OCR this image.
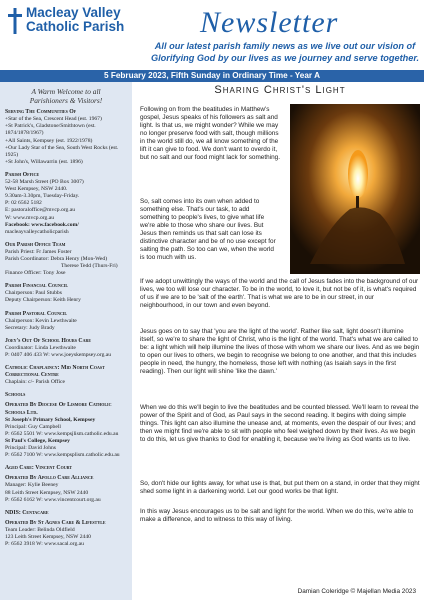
Macleay Valley
Catholic Parish	Newsletter
All our latest parish family news as we live out our vision of Glorifying God by our lives as we journey and serve together.
5 February 2023, Fifth Sunday in Ordinary Time - Year A
A Warm Welcome to all
Parishioners & Visitors!
Serving The Communities Of
+Star of the Sea, Crescent Head (est. 1967)
+St Patrick's, Gladstone/Smithtown (est. 1874/1878/1967)
+All Saints, Kempsey (est. 1922/1978)
+Our Lady Star of the Sea, South West Rocks (est. 1925)
+St John's, Willawarrin (est. 1896)
Parish Office
52-58 Marsh Street (PO Box 3007)
West Kempsey, NSW 2440.
9.30am-3.30pm, Tuesday-Friday.
P: 02 6562 5182
E: pastoraloffice@mvcp.org.au
W: www.mvcp.org.au
Facebook: www.facebook.com/
macleayvalleycatholicparish
Our Parish Office Team
Parish Priest: Fr James Foster
Parish Coordinator: Debra Henry (Mon-Wed)
Therese Tedd (Thurs-Fri)
Finance Officer: Tony Jose
Parish Financial Council
Chairperson: Paul Stubbs
Deputy Chairperson: Keith Henry
Parish Pastoral Council
Chairperson: Kevin Lewthwaite
Secretary: Judy Brady
Joey's Out Of School Hours Care
Coordinator: Linda Lewthwaite
P: 0407 406 433 W: www.joeyskempsey.org.au
Catholic Chaplaincy: Mid North Coast Correctional Centre
Chaplain: c/- Parish Office
Schools
Operated By Diocese Of Lismore Catholic Schools Ltd.
St Joseph's Primary School, Kempsey
Principal: Guy Campbell
P: 6562 5501 W: www.kempsjlism.catholic.edu.au
St Paul's College, Kempsey
Principal: David Johns
P: 6562 7100 W: www.kempsplism.catholic.edu.au
Aged Care: Vincent Court
Operated By Apollo Care Alliance
Manager: Kylie Beeney
88 Leith Street Kempsey, NSW 2440
P: 6562 6162 W: www.vincentcourt.org.au
NDIS: Centacare
Operated By St Agnes Care & Lifestyle
Team Leader: Belinda Oldfield
123 Leith Street Kempsey, NSW 2440
P: 6562 3918 W: www.sacal.org.au
Sharing Christ's Light
Following on from the beatitudes in Matthew's gospel, Jesus speaks of his followers as salt and light. Is that us, we might wonder? While we may no longer preserve food with salt, though millions in the world still do, we all know something of the lift it can give to food. We don't want to overdo it, but no salt and our food might lack for something.
So, salt comes into its own when added to something else. That's our task, to add something to people's lives, to give what life we're able to those who share our lives. But Jesus then reminds us that salt can lose its distinctive character and be of no use except for salting the path. So too can we, when the world is too much with us.
If we adopt unwittingly the ways of the world and the call of Jesus fades into the background of our lives, we too will lose our character. To be in the world, to love it, but not be of it, is what's required of us if we are to be 'salt of the earth'. That is what we are to be in our street, in our neighbourhood, in our town and even beyond.
Jesus goes on to say that 'you are the light of the world'. Rather like salt, light doesn't illumine itself, so we're to share the light of Christ, who is the light of the world. That's what we are called to be: a light which will help illumine the lives of those with whom we share our lives. And as we begin to open our lives to others, we begin to recognise we belong to one another, and that this includes people in need, the hungry, the homeless, those left with nothing (as Isaiah says in the first reading). Then our light will shine 'like the dawn.'
When we do this we'll begin to live the beatitudes and be counted blessed. We'll learn to reveal the power of the Spirit and of God, as Paul says in the second reading. It begins with doing simple things. This light can also illumine the unease and, at moments, even the despair of our lives; and then we might find we're able to sit with people who feel weighed down by their lives. As we begin to do this, let us give thanks to God for enabling it, because we're living as God wants us to live.
So, don't hide our lights away, for what use is that, but put them on a stand, in order that they might shed some light in a darkening world. Let our good works be that light.
In this way Jesus encourages us to be salt and light for the world. When we do this, we're able to make a difference, and to witness to this way of living.
Damian Coleridge © Majellan Media 2023
